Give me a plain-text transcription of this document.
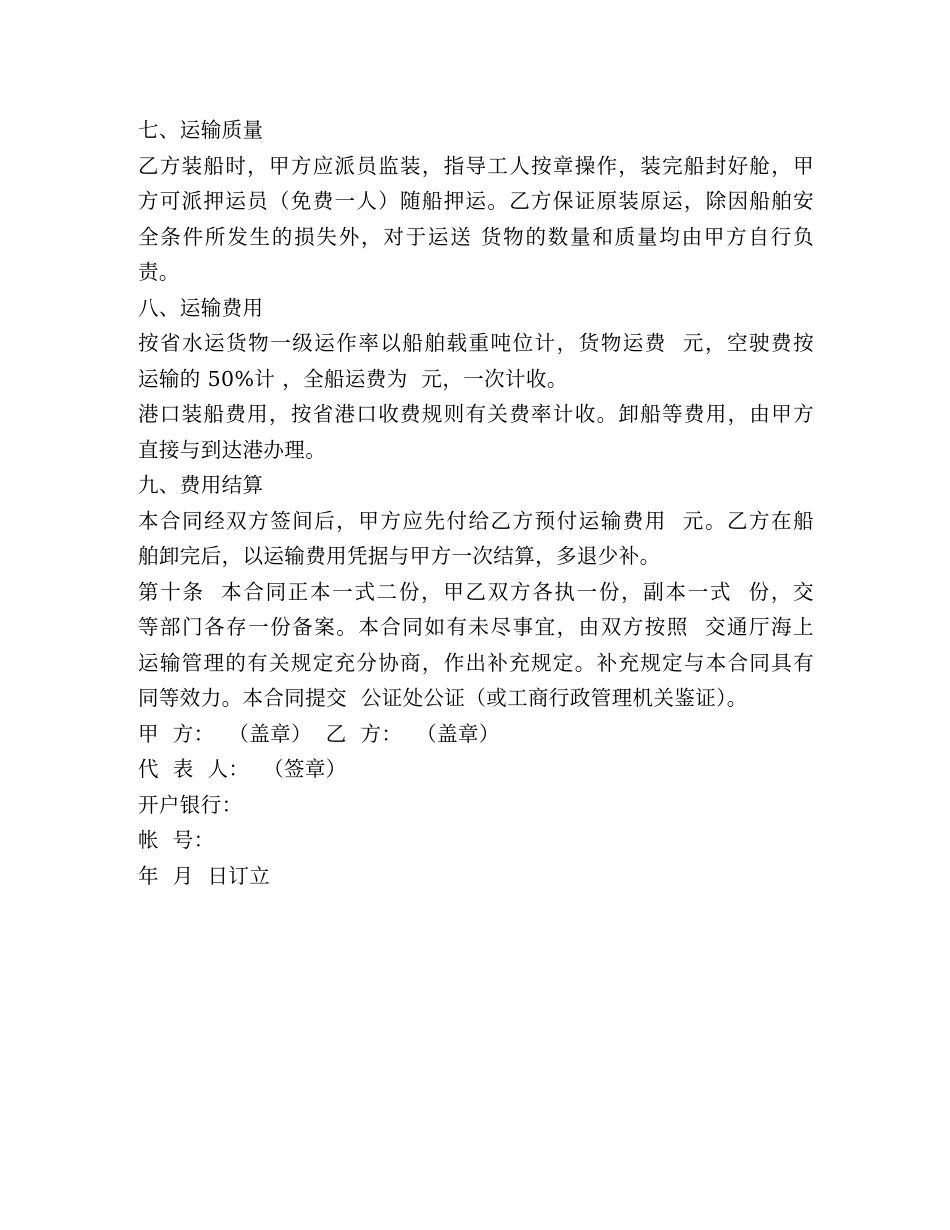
七、运输质量
乙方装船时，甲方应派员监装，指导工人按章操作，装完船封好舱，甲
方可派押运员（免费一人）随船押运。乙方保证原装原运，除因船舶安
全条件所发生的损失外，对于运送 货物的数量和质量均由甲方自行负
责。
八、运输费用
按省水运货物一级运作率以船舶载重吨位计，货物运费  元，空驶费按
运输的 50%计 ，全船运费为  元，一次计收。
港口装船费用，按省港口收费规则有关费率计收。卸船等费用，由甲方
直接与到达港办理。
九、费用结算
本合同经双方签间后，甲方应先付给乙方预付运输费用  元。乙方在船
舶卸完后，以运输费用凭据与甲方一次结算，多退少补。
第十条  本合同正本一式二份，甲乙双方各执一份，副本一式  份，交
等部门各存一份备案。本合同如有未尽事宜，由双方按照  交通厅海上
运输管理的有关规定充分协商，作出补充规定。补充规定与本合同具有
同等效力。本合同提交  公证处公证（或工商行政管理机关鉴证）。
甲  方：  （盖章）  乙  方：  （盖章）
代  表  人：  （签章）
开户银行：
帐  号：
年  月  日订立
